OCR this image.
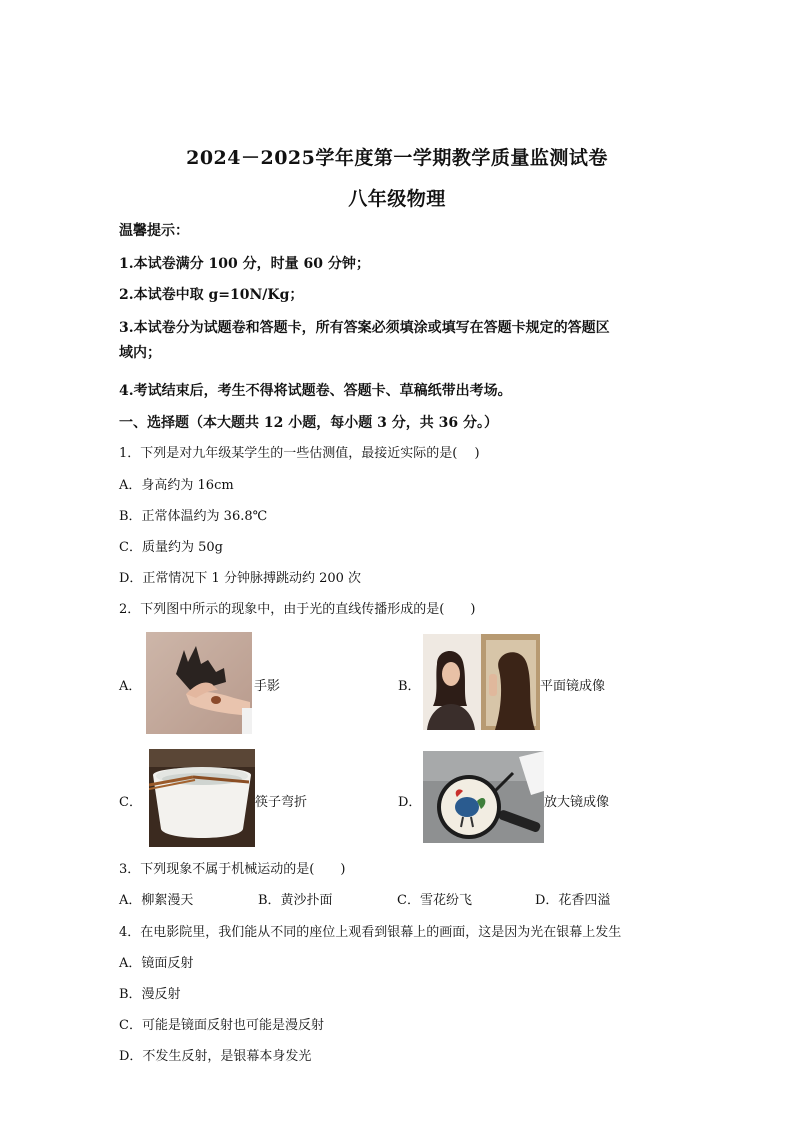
2024－2025学年度第一学期教学质量监测试卷
八年级物理
温馨提示：
1.本试卷满分 100 分，时量 60 分钟；
2.本试卷中取 g=10N/Kg；
3.本试卷分为试题卷和答题卡，所有答案必须填涂或填写在答题卡规定的答题区
域内；
4.考试结束后，考生不得将试题卷、答题卡、草稿纸带出考场。
一、选择题（本大题共 12 小题，每小题 3 分，共 36 分。）
1．下列是对九年级某学生的一些估测值，最接近实际的是(　 )
A．身高约为 16cm
B．正常体温约为 36.8℃
C．质量约为 50g
D．正常情况下 1 分钟脉搏跳动约 200 次
2．下列图中所示的现象中，由于光的直线传播形成的是(　　)
A．	手影	B．	平面镜成像
C．	筷子弯折	D．	放大镜成像
3．下列现象不属于机械运动的是(　　)
A．柳絮漫天	B．黄沙扑面	C．雪花纷飞	D．花香四溢
4．在电影院里，我们能从不同的座位上观看到银幕上的画面，这是因为光在银幕上发生
A．镜面反射
B．漫反射
C．可能是镜面反射也可能是漫反射
D．不发生反射，是银幕本身发光
